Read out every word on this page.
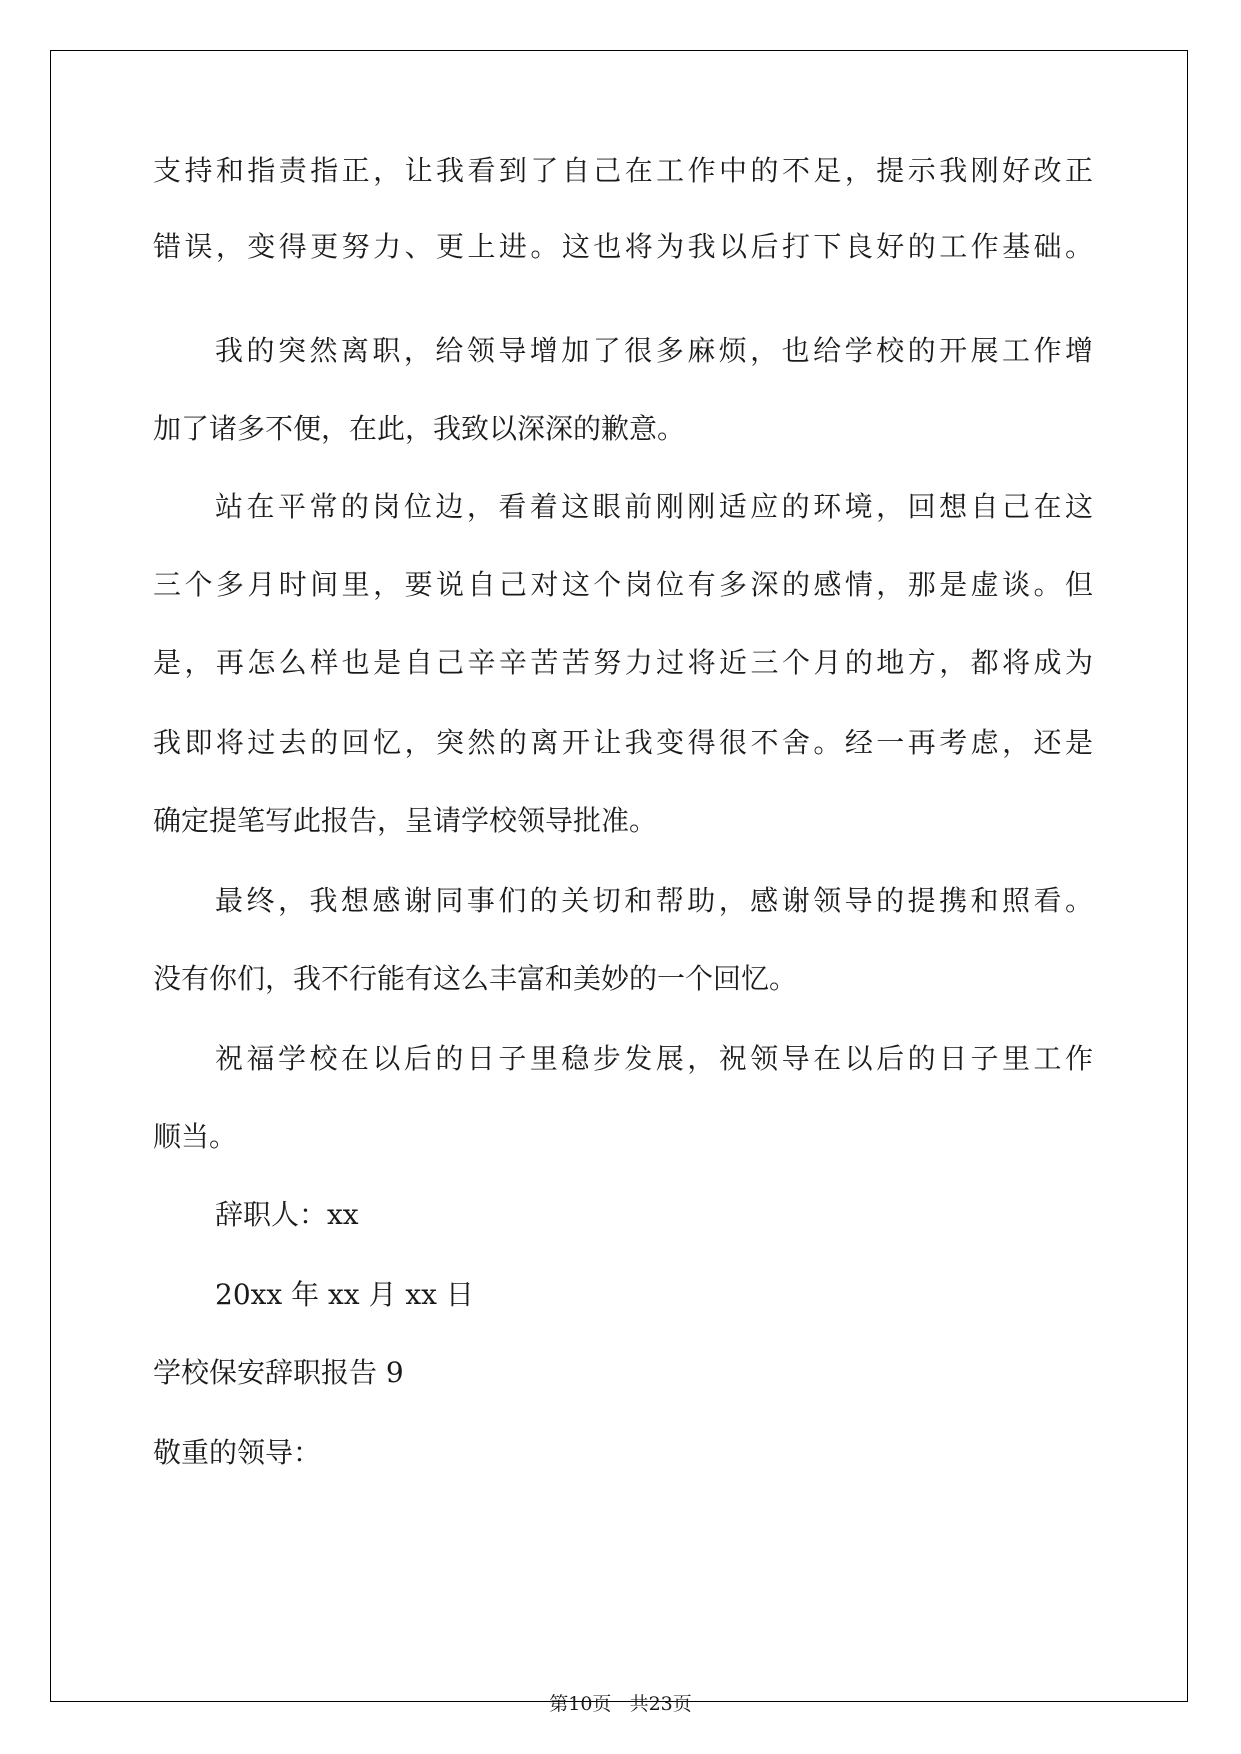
支持和指责指正，让我看到了自己在工作中的不足，提示我刚好改正
错误，变得更努力、更上进。这也将为我以后打下良好的工作基础。
我的突然离职，给领导增加了很多麻烦，也给学校的开展工作增
加了诸多不便，在此，我致以深深的歉意。
站在平常的岗位边，看着这眼前刚刚适应的环境，回想自己在这
三个多月时间里，要说自己对这个岗位有多深的感情，那是虚谈。但
是，再怎么样也是自己辛辛苦苦努力过将近三个月的地方，都将成为
我即将过去的回忆，突然的离开让我变得很不舍。经一再考虑，还是
确定提笔写此报告，呈请学校领导批准。
最终，我想感谢同事们的关切和帮助，感谢领导的提携和照看。
没有你们，我不行能有这么丰富和美妙的一个回忆。
祝福学校在以后的日子里稳步发展，祝领导在以后的日子里工作
顺当。
辞职人：xx
20xx 年 xx 月 xx 日
学校保安辞职报告 9
敬重的领导：
第10页 共23页
